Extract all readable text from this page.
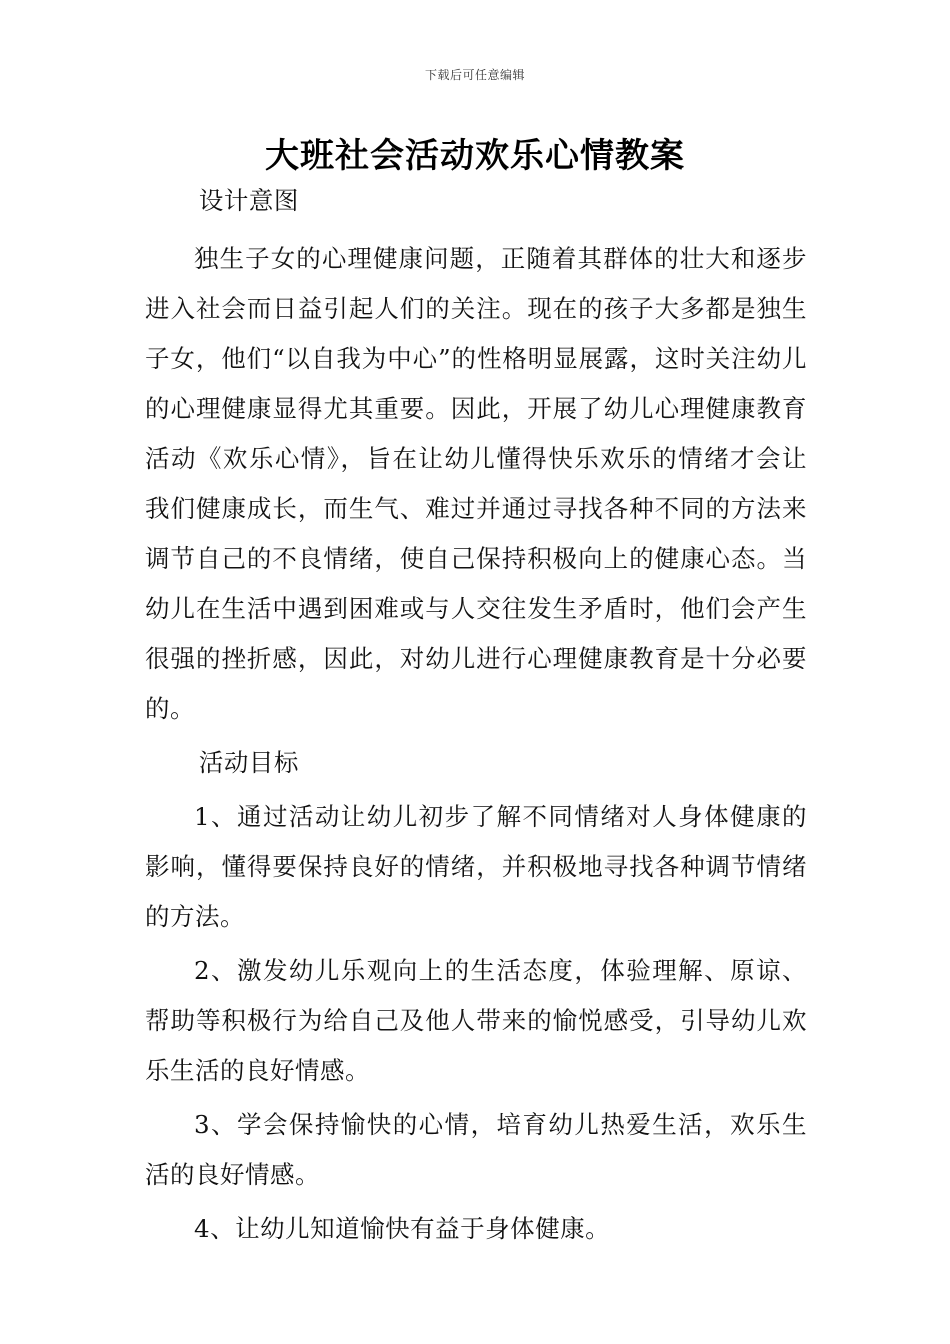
下载后可任意编辑
大班社会活动欢乐心情教案

设计意图

独生子女的心理健康问题，正随着其群体的壮大和逐步进入社会而日益引起人们的关注。现在的孩子大多都是独生子女，他们“以自我为中心”的性格明显展露，这时关注幼儿的心理健康显得尤其重要。因此，开展了幼儿心理健康教育活动《欢乐心情》，旨在让幼儿懂得快乐欢乐的情绪才会让我们健康成长，而生气、难过并通过寻找各种不同的方法来调节自己的不良情绪，使自己保持积极向上的健康心态。当幼儿在生活中遇到困难或与人交往发生矛盾时，他们会产生很强的挫折感，因此，对幼儿进行心理健康教育是十分必要的。

活动目标

1、通过活动让幼儿初步了解不同情绪对人身体健康的影响，懂得要保持良好的情绪，并积极地寻找各种调节情绪的方法。

2、激发幼儿乐观向上的生活态度，体验理解、原谅、帮助等积极行为给自己及他人带来的愉悦感受，引导幼儿欢乐生活的良好情感。

3、学会保持愉快的心情，培育幼儿热爱生活，欢乐生活的良好情感。

4、让幼儿知道愉快有益于身体健康。
